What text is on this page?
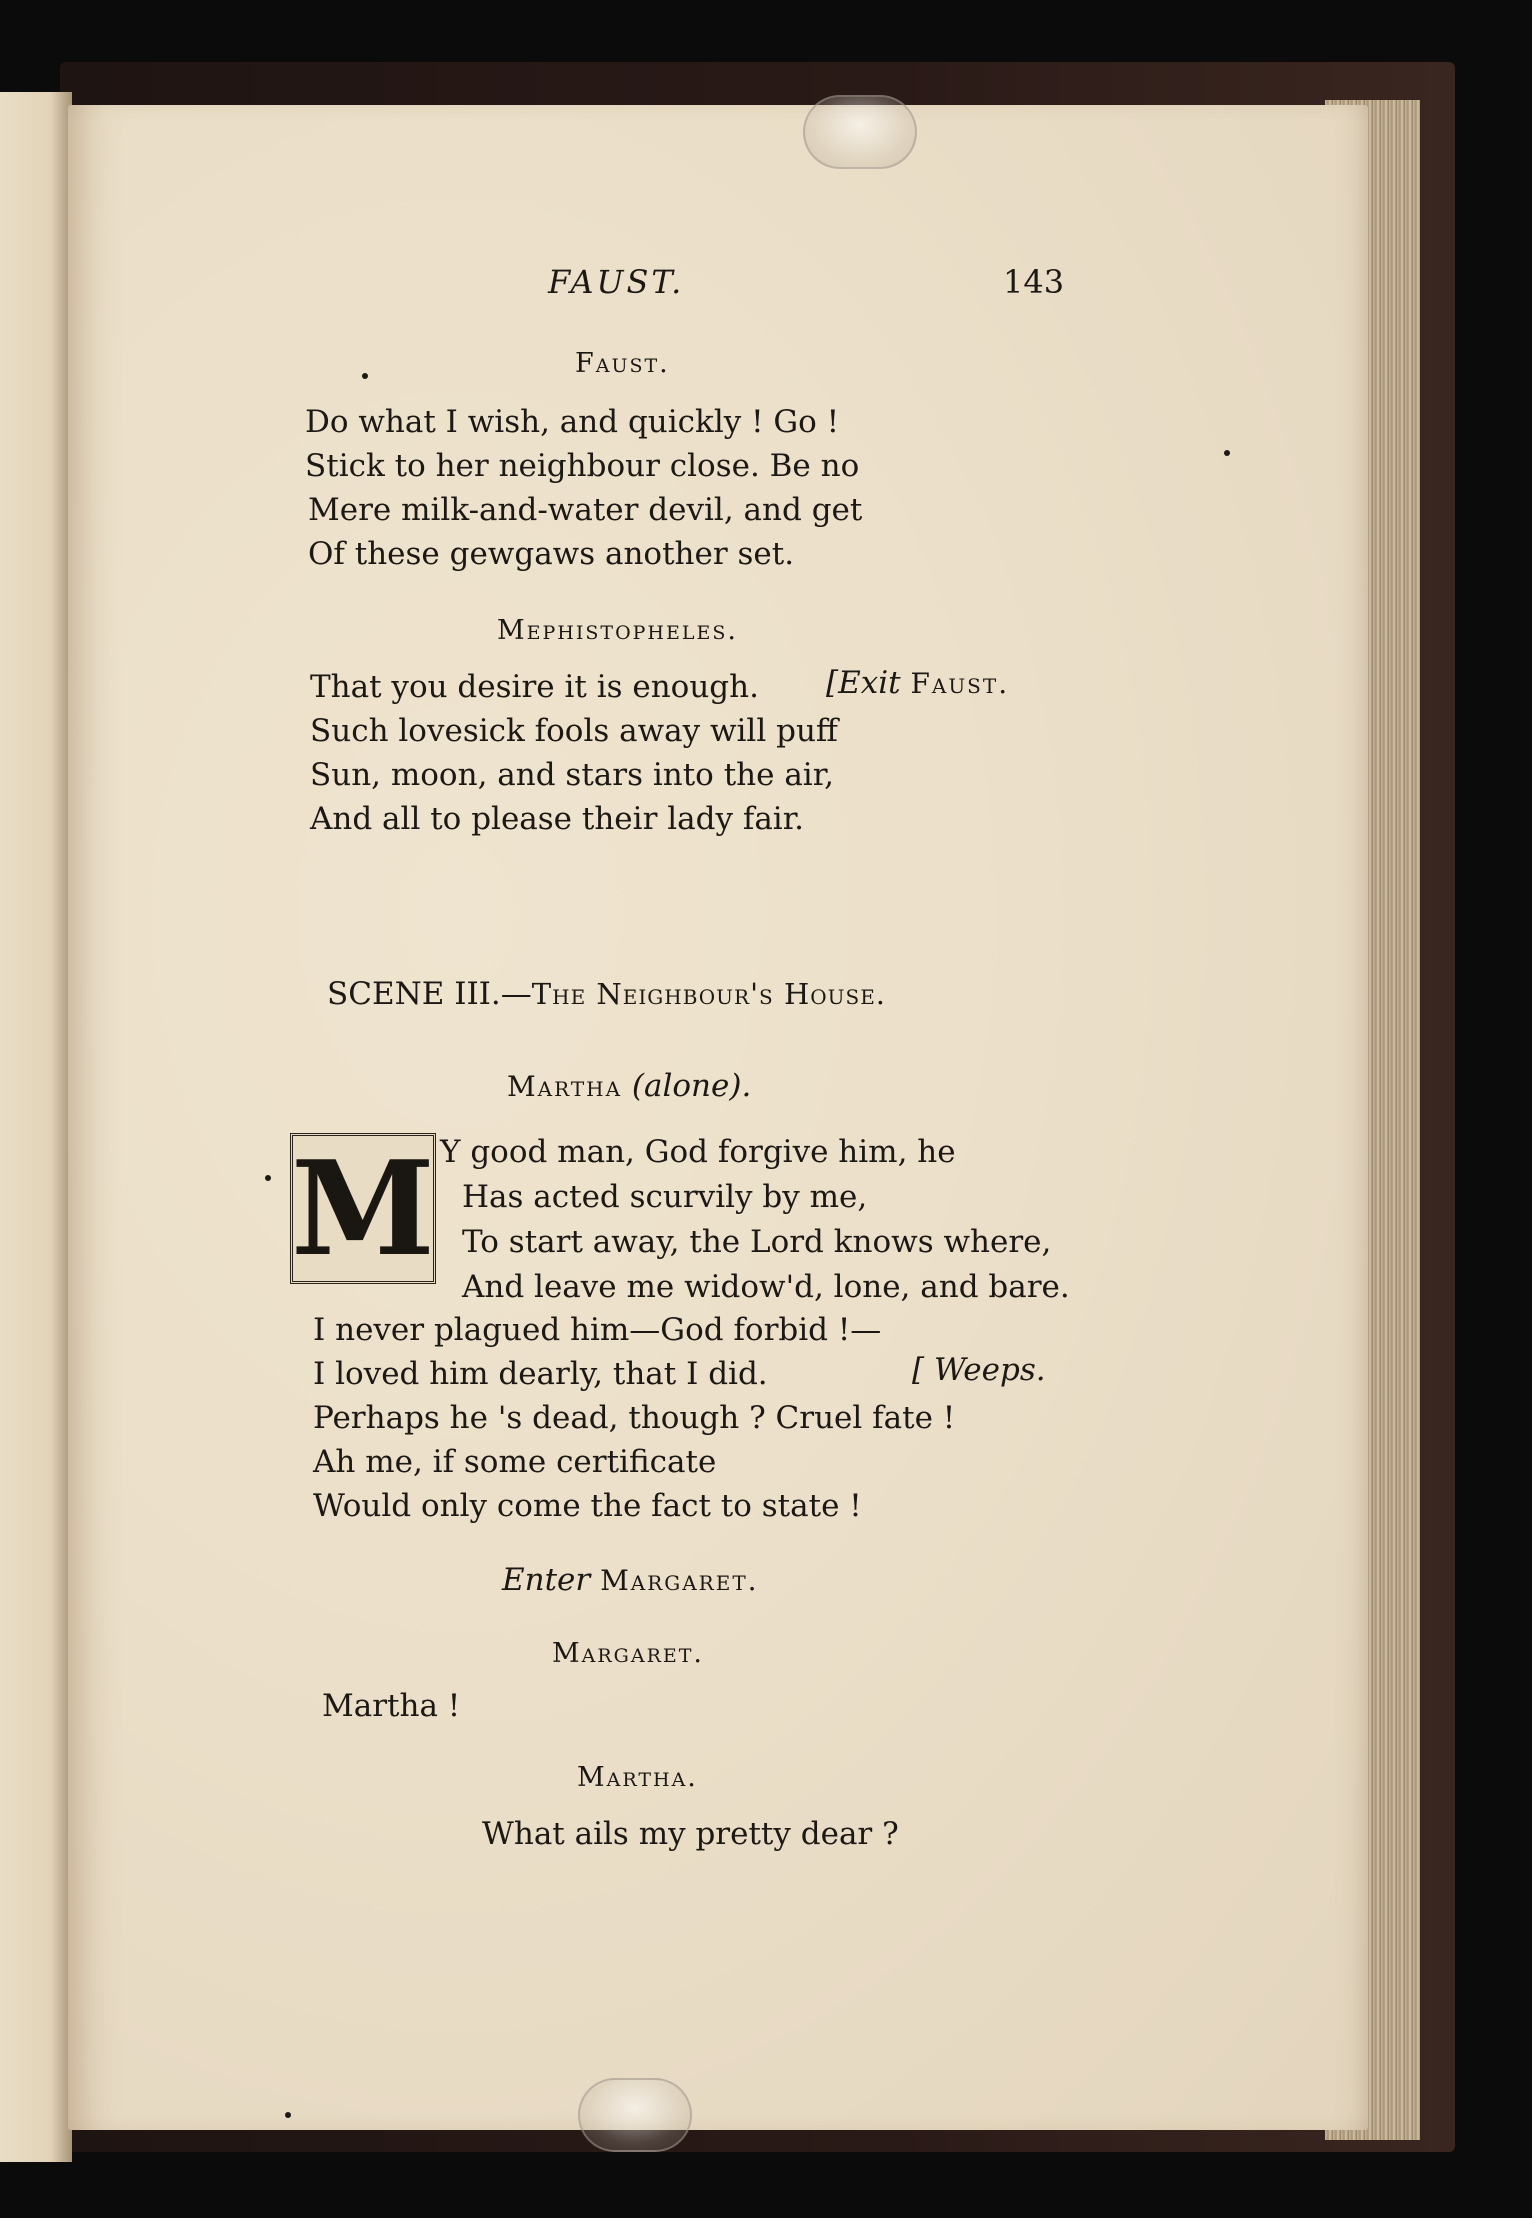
FAUST.	143
Faust.
Do what I wish, and quickly ! Go !
Stick to her neighbour close. Be no
Mere milk-and-water devil, and get
Of these gewgaws another set.
Mephistopheles.
That you desire it is enough. [Exit Faust.
Such lovesick fools away will puff
Sun, moon, and stars into the air,
And all to please their lady fair.
SCENE III.—The Neighbour's House.
Martha (alone).
M Y good man, God forgive him, he
Has acted scurvily by me,
To start away, the Lord knows where,
And leave me widow'd, lone, and bare.
I never plagued him—God forbid !—
I loved him dearly, that I did.	[ Weeps.
Perhaps he 's dead, though ? Cruel fate !
Ah me, if some certificate
Would only come the fact to state !
Enter Margaret.
Margaret.
Martha !
Martha.
What ails my pretty dear ?
